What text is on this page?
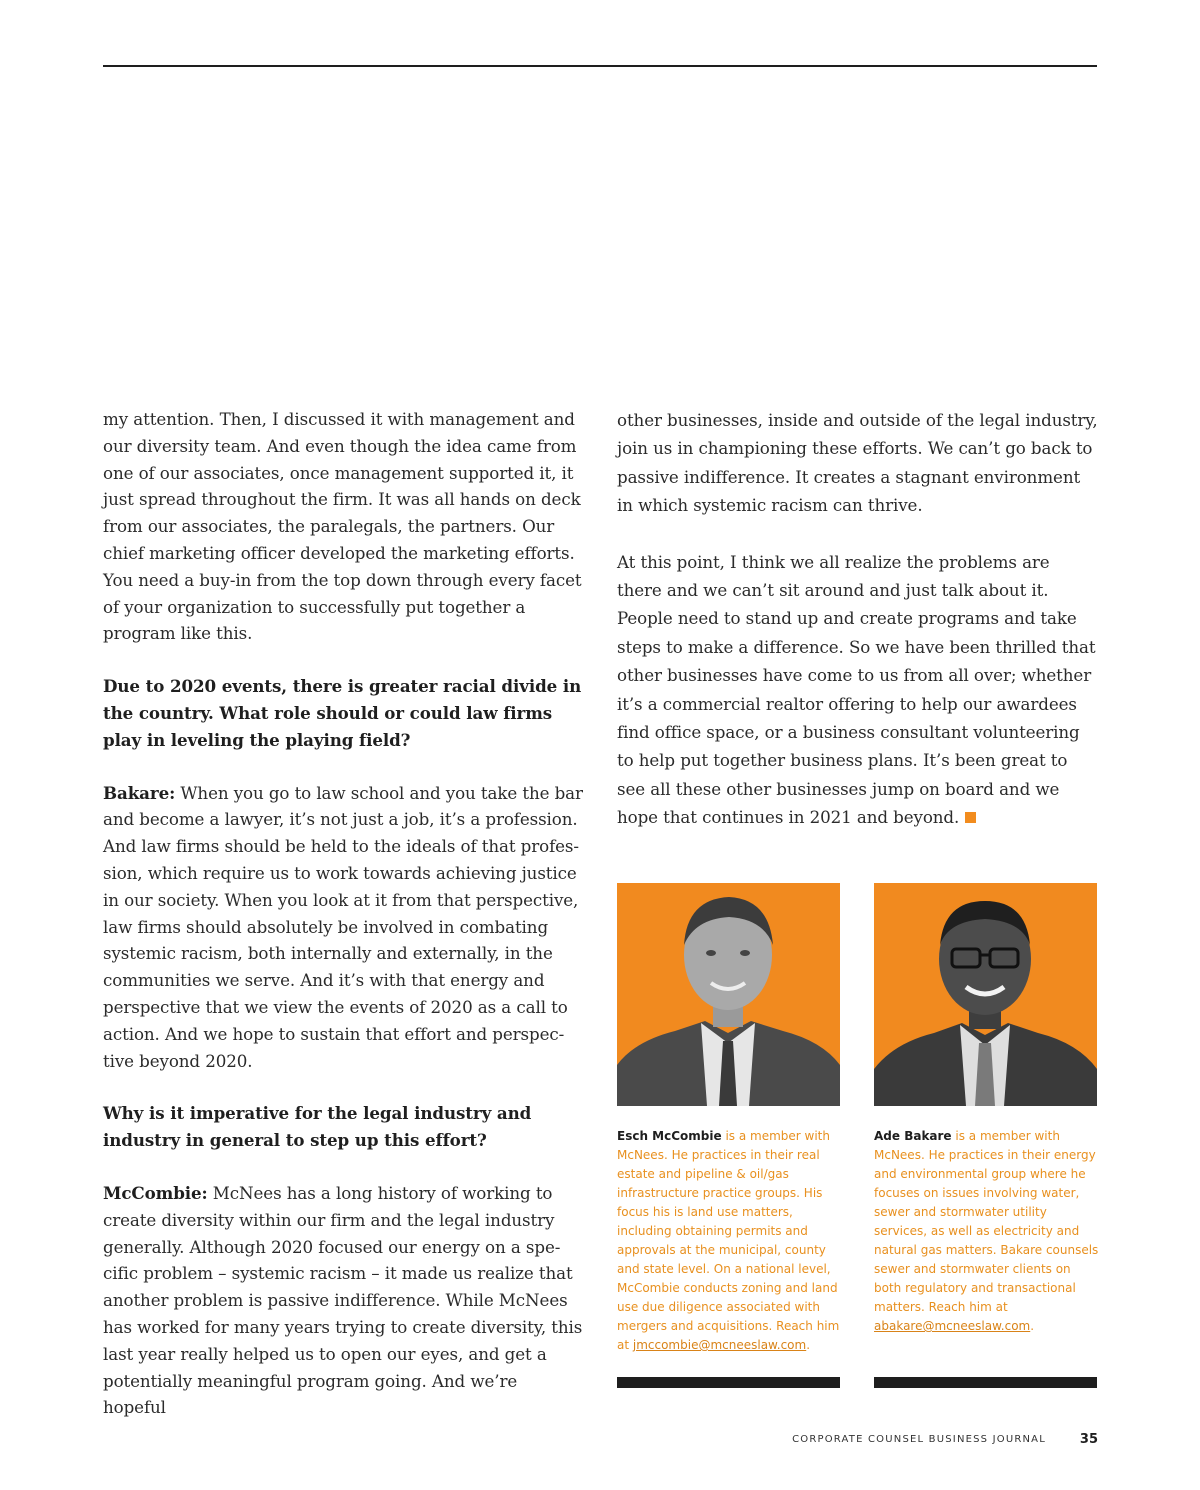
my attention. Then, I discussed it with management and our diversity team. And even though the idea came from one of our associates, once management supported it, it just spread throughout the firm. It was all hands on deck from our associates, the paralegals, the partners. Our chief marketing officer developed the marketing efforts. You need a buy-in from the top down through every facet of your organization to successfully put together a program like this.

Due to 2020 events, there is greater racial divide in the country. What role should or could law firms play in leveling the playing field?

Bakare: When you go to law school and you take the bar and become a lawyer, it’s not just a job, it’s a profession. And law firms should be held to the ideals of that profession, which require us to work towards achieving justice in our society. When you look at it from that perspective, law firms should absolutely be involved in combating systemic racism, both internally and externally, in the communities we serve. And it’s with that energy and perspective that we view the events of 2020 as a call to action. And we hope to sustain that effort and perspective beyond 2020.

Why is it imperative for the legal industry and industry in general to step up this effort?

McCombie: McNees has a long history of working to create diversity within our firm and the legal industry generally. Although 2020 focused our energy on a specific problem – systemic racism – it made us realize that another problem is passive indifference. While McNees has worked for many years trying to create diversity, this last year really helped us to open our eyes, and get a potentially meaningful program going. And we’re hopeful

other businesses, inside and outside of the legal industry, join us in championing these efforts. We can’t go back to passive indifference. It creates a stagnant environment in which systemic racism can thrive.

At this point, I think we all realize the problems are there and we can’t sit around and just talk about it. People need to stand up and create programs and take steps to make a difference. So we have been thrilled that other businesses have come to us from all over; whether it’s a commercial realtor offering to help our awardees find office space, or a business consultant volunteering to help put together business plans. It’s been great to see all these other businesses jump on board and we hope that continues in 2021 and beyond.

Esch McCombie is a member with McNees. He practices in their real estate and pipeline & oil/gas infrastructure practice groups. His focus his is land use matters, including obtaining permits and approvals at the municipal, county and state level. On a national level, McCombie conducts zoning and land use due diligence associated with mergers and acquisitions. Reach him at jmccombie@mcneeslaw.com.
Ade Bakare is a member with McNees. He practices in their energy and environmental group where he focuses on issues involving water, sewer and stormwater utility services, as well as electricity and natural gas matters. Bakare counsels sewer and stormwater clients on both regulatory and transactional matters. Reach him at abakare@mcneeslaw.com.
CORPORATE COUNSEL BUSINESS JOURNAL	35
